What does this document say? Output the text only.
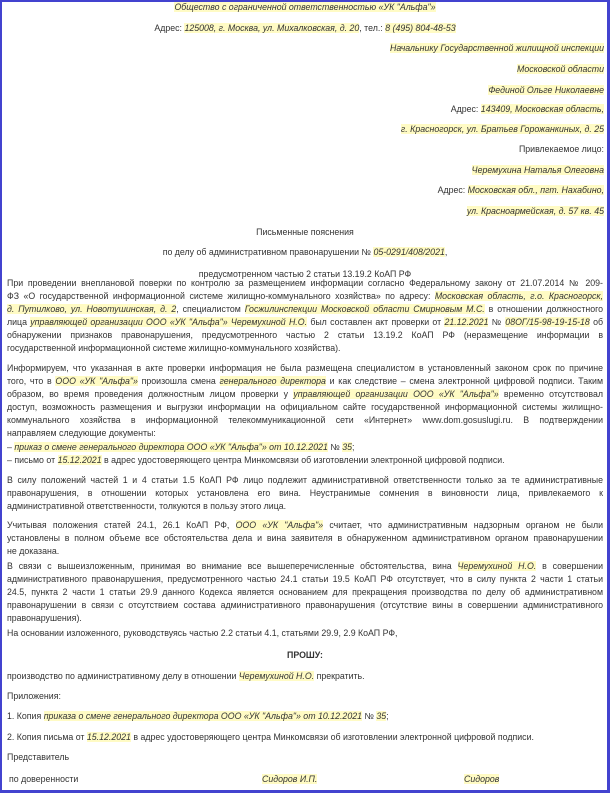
Общество с ограниченной ответственностью «УК "Альфа"»
Адрес: 125008, г. Москва, ул. Михалковская, д. 20, тел.: 8 (495) 804-48-53
Начальнику Государственной жилищной инспекции
Московской области
Фединой Ольге Николаевне
Адрес: 143409, Московская область,
г. Красногорск, ул. Братьев Горожанкиных, д. 25
Привлекаемое лицо:
Черемухина Наталья Олеговна
Адрес: Московская обл., пгт. Нахабино,
ул. Красноармейская, д. 57 кв. 45
Письменные пояснения
по делу об административном правонарушении № 05-0291/408/2021,
предусмотренном частью 2 статьи 13.19.2 КоАП РФ
При проведении внеплановой поверки по контролю за размещением информации согласно Федеральному закону от 21.07.2014 № 209-
ФЗ «О государственной информационной системе жилищно-коммунального хозяйства» по адресу: Московская область, г.о. Красногорск,
д. Путилково, ул. Новотушинская, д. 2, специалистом Госжилинспекции Московской области Смирновым М.С. в отношении должностного
лица управляющей организации ООО «УК "Альфа"» Черемухиной Н.О. был составлен акт проверки от 21.12.2021 № 08ОГ/15-98-19-15-18 об
обнаружении признаков правонарушения, предусмотренного частью 2 статьи 13.19.2 КоАП РФ (неразмещение информации в
государственной информационной системе жилищно-коммунального хозяйства).
Информируем, что указанная в акте проверки информация не была размещена специалистом в установленный законом срок по причине
того, что в ООО «УК "Альфа"» произошла смена генерального директора и как следствие – смена электронной цифровой подписи. Таким
образом, во время проведения должностным лицом проверки у управляющей организации ООО «УК "Альфа"» временно отсутствовал
доступ, возможность размещения и выгрузки информации на официальном сайте государственной информационной системы жилищно-
коммунального хозяйства в информационной телекоммуникационной сети «Интернет» www.dom.gosuslugi.ru. В подтверждении
направляем следующие документы:
– приказ о смене генерального директора ООО «УК "Альфа"» от 10.12.2021 № 35;
– письмо от 15.12.2021 в адрес удостоверяющего центра Минкомсвязи об изготовлении электронной цифровой подписи.
В силу положений частей 1 и 4 статьи 1.5 КоАП РФ лицо подлежит административной ответственности только за те административные
правонарушения, в отношении которых установлена его вина. Неустранимые сомнения в виновности лица, привлекаемого к
административной ответственности, толкуются в пользу этого лица.
Учитывая положения статей 24.1, 26.1 КоАП РФ, ООО «УК "Альфа"» считает, что административным надзорным органом не были
установлены в полном объеме все обстоятельства дела и вина заявителя в обнаруженном административном органом правонарушении
не доказана.
В связи с вышеизложенным, принимая во внимание все вышеперечисленные обстоятельства, вина Черемухиной Н.О. в совершении
административного правонарушения, предусмотренного частью 24.1 статьи 19.5 КоАП РФ отсутствует, что в силу пункта 2 части 1 статьи
24.5, пункта 2 части 1 статьи 29.9 данного Кодекса является основанием для прекращения производства по делу об административном
правонарушении в связи с отсутствием состава административного правонарушения (отсутствие вины в совершении административного
правонарушения).
На основании изложенного, руководствуясь частью 2.2 статьи 4.1, статьями 29.9, 2.9 КоАП РФ,
ПРОШУ:
производство по административному делу в отношении Черемухиной Н.О. прекратить.
Приложения:
1. Копия приказа о смене генерального директора ООО «УК "Альфа"» от 10.12.2021 № 35;
2. Копия письма от 15.12.2021 в адрес удостоверяющего центра Минкомсвязи об изготовлении электронной цифровой подписи.
Представитель
по доверенности	Сидоров И.П.	Сидоров
